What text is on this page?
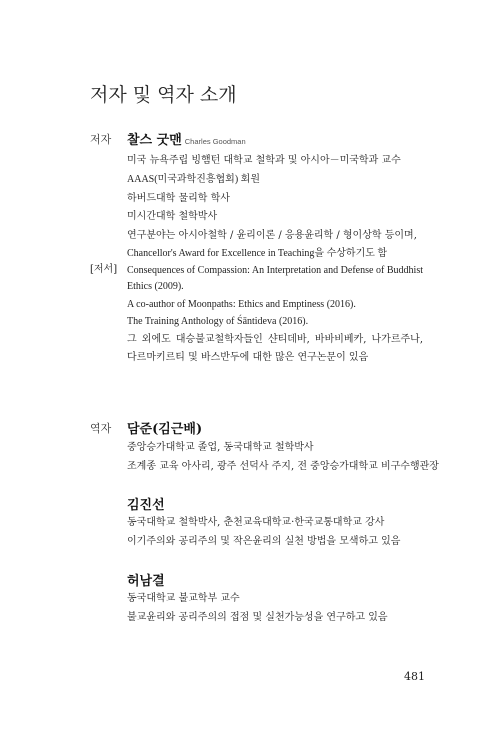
저자 및 역자 소개
저자 찰스 굿맨 Charles Goodman
미국 뉴욕주립 빙햄턴 대학교 철학과 및 아시아－미국학과 교수
AAAS(미국과학진흥협회) 회원
하버드대학 물리학 학사
미시간대학 철학박사
연구분야는 아시아철학 / 윤리이론 / 응용윤리학 / 형이상학 등이며,
Chancellor's Award for Excellence in Teaching을 수상하기도 함
[저서] Consequences of Compassion: An Interpretation and Defense of Buddhist
Ethics (2009).
A co-author of Moonpaths: Ethics and Emptiness (2016).
The Training Anthology of Śāntideva (2016).
그 외에도 대승불교철학자들인 샨티데바, 바바비베카, 나가르주나,
다르마키르티 및 바스반두에 대한 많은 연구논문이 있음
역자 담준(김근배)
중앙승가대학교 졸업, 동국대학교 철학박사
조계종 교육 아사리, 광주 선덕사 주지, 전 중앙승가대학교 비구수행관장
김진선
동국대학교 철학박사, 춘천교육대학교·한국교통대학교 강사
이기주의와 공리주의 및 작은윤리의 실천 방법을 모색하고 있음
허남결
동국대학교 불교학부 교수
불교윤리와 공리주의의 접점 및 실천가능성을 연구하고 있음
481
